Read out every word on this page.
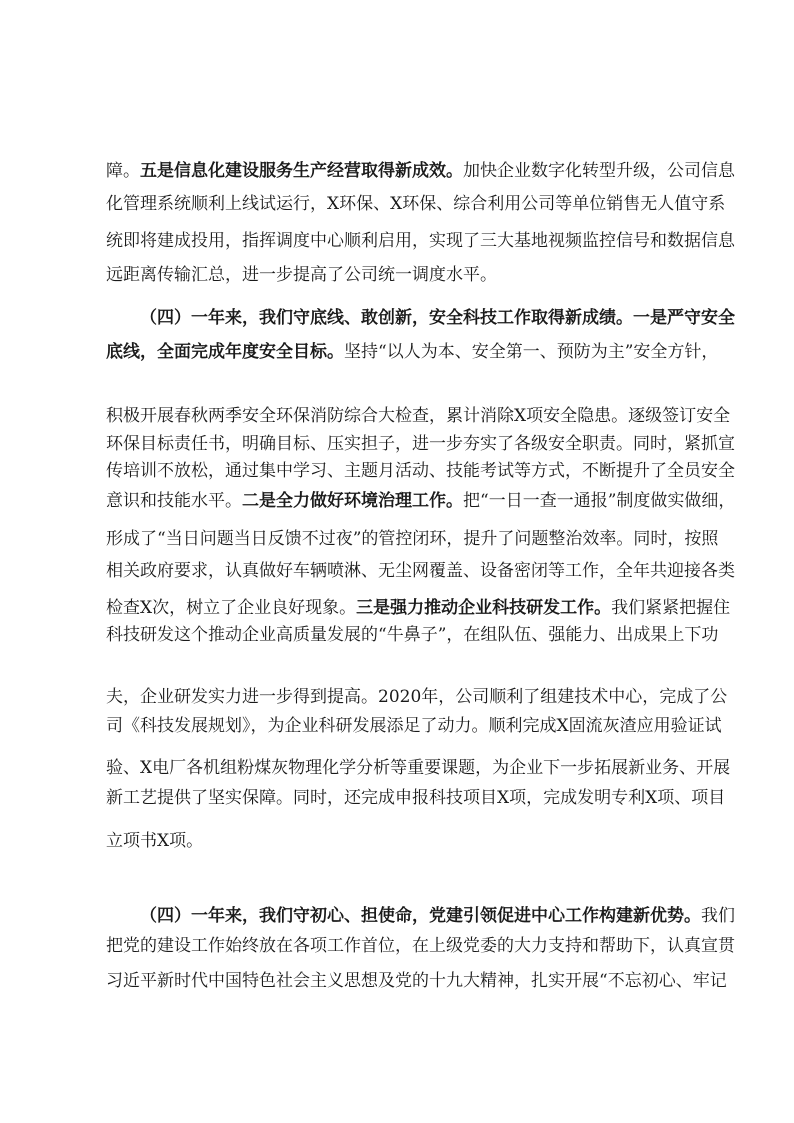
障。五是信息化建设服务生产经营取得新成效。加快企业数字化转型升级，公司信息
化管理系统顺利上线试运行，X环保、X环保、综合利用公司等单位销售无人值守系
统即将建成投用，指挥调度中心顺利启用，实现了三大基地视频监控信号和数据信息
远距离传输汇总，进一步提高了公司统一调度水平。
（四）一年来，我们守底线、敢创新，安全科技工作取得新成绩。一是严守安全
底线，全面完成年度安全目标。坚持“以人为本、安全第一、预防为主”安全方针，
积极开展春秋两季安全环保消防综合大检查，累计消除X项安全隐患。逐级签订安全
环保目标责任书，明确目标、压实担子，进一步夯实了各级安全职责。同时，紧抓宣
传培训不放松，通过集中学习、主题月活动、技能考试等方式，不断提升了全员安全
意识和技能水平。二是全力做好环境治理工作。把“一日一查一通报”制度做实做细，
形成了“当日问题当日反馈不过夜”的管控闭环，提升了问题整治效率。同时，按照
相关政府要求，认真做好车辆喷淋、无尘网覆盖、设备密闭等工作，全年共迎接各类
检查X次，树立了企业良好现象。三是强力推动企业科技研发工作。我们紧紧把握住
科技研发这个推动企业高质量发展的“牛鼻子”，在组队伍、强能力、出成果上下功
夫，企业研发实力进一步得到提高。2020年，公司顺利了组建技术中心，完成了公
司《科技发展规划》，为企业科研发展添足了动力。顺利完成X固流灰渣应用验证试
验、X电厂各机组粉煤灰物理化学分析等重要课题，为企业下一步拓展新业务、开展
新工艺提供了坚实保障。同时，还完成申报科技项目X项，完成发明专利X项、项目
立项书X项。
（四）一年来，我们守初心、担使命，党建引领促进中心工作构建新优势。我们
把党的建设工作始终放在各项工作首位，在上级党委的大力支持和帮助下，认真宣贯
习近平新时代中国特色社会主义思想及党的十九大精神，扎实开展“不忘初心、牢记
